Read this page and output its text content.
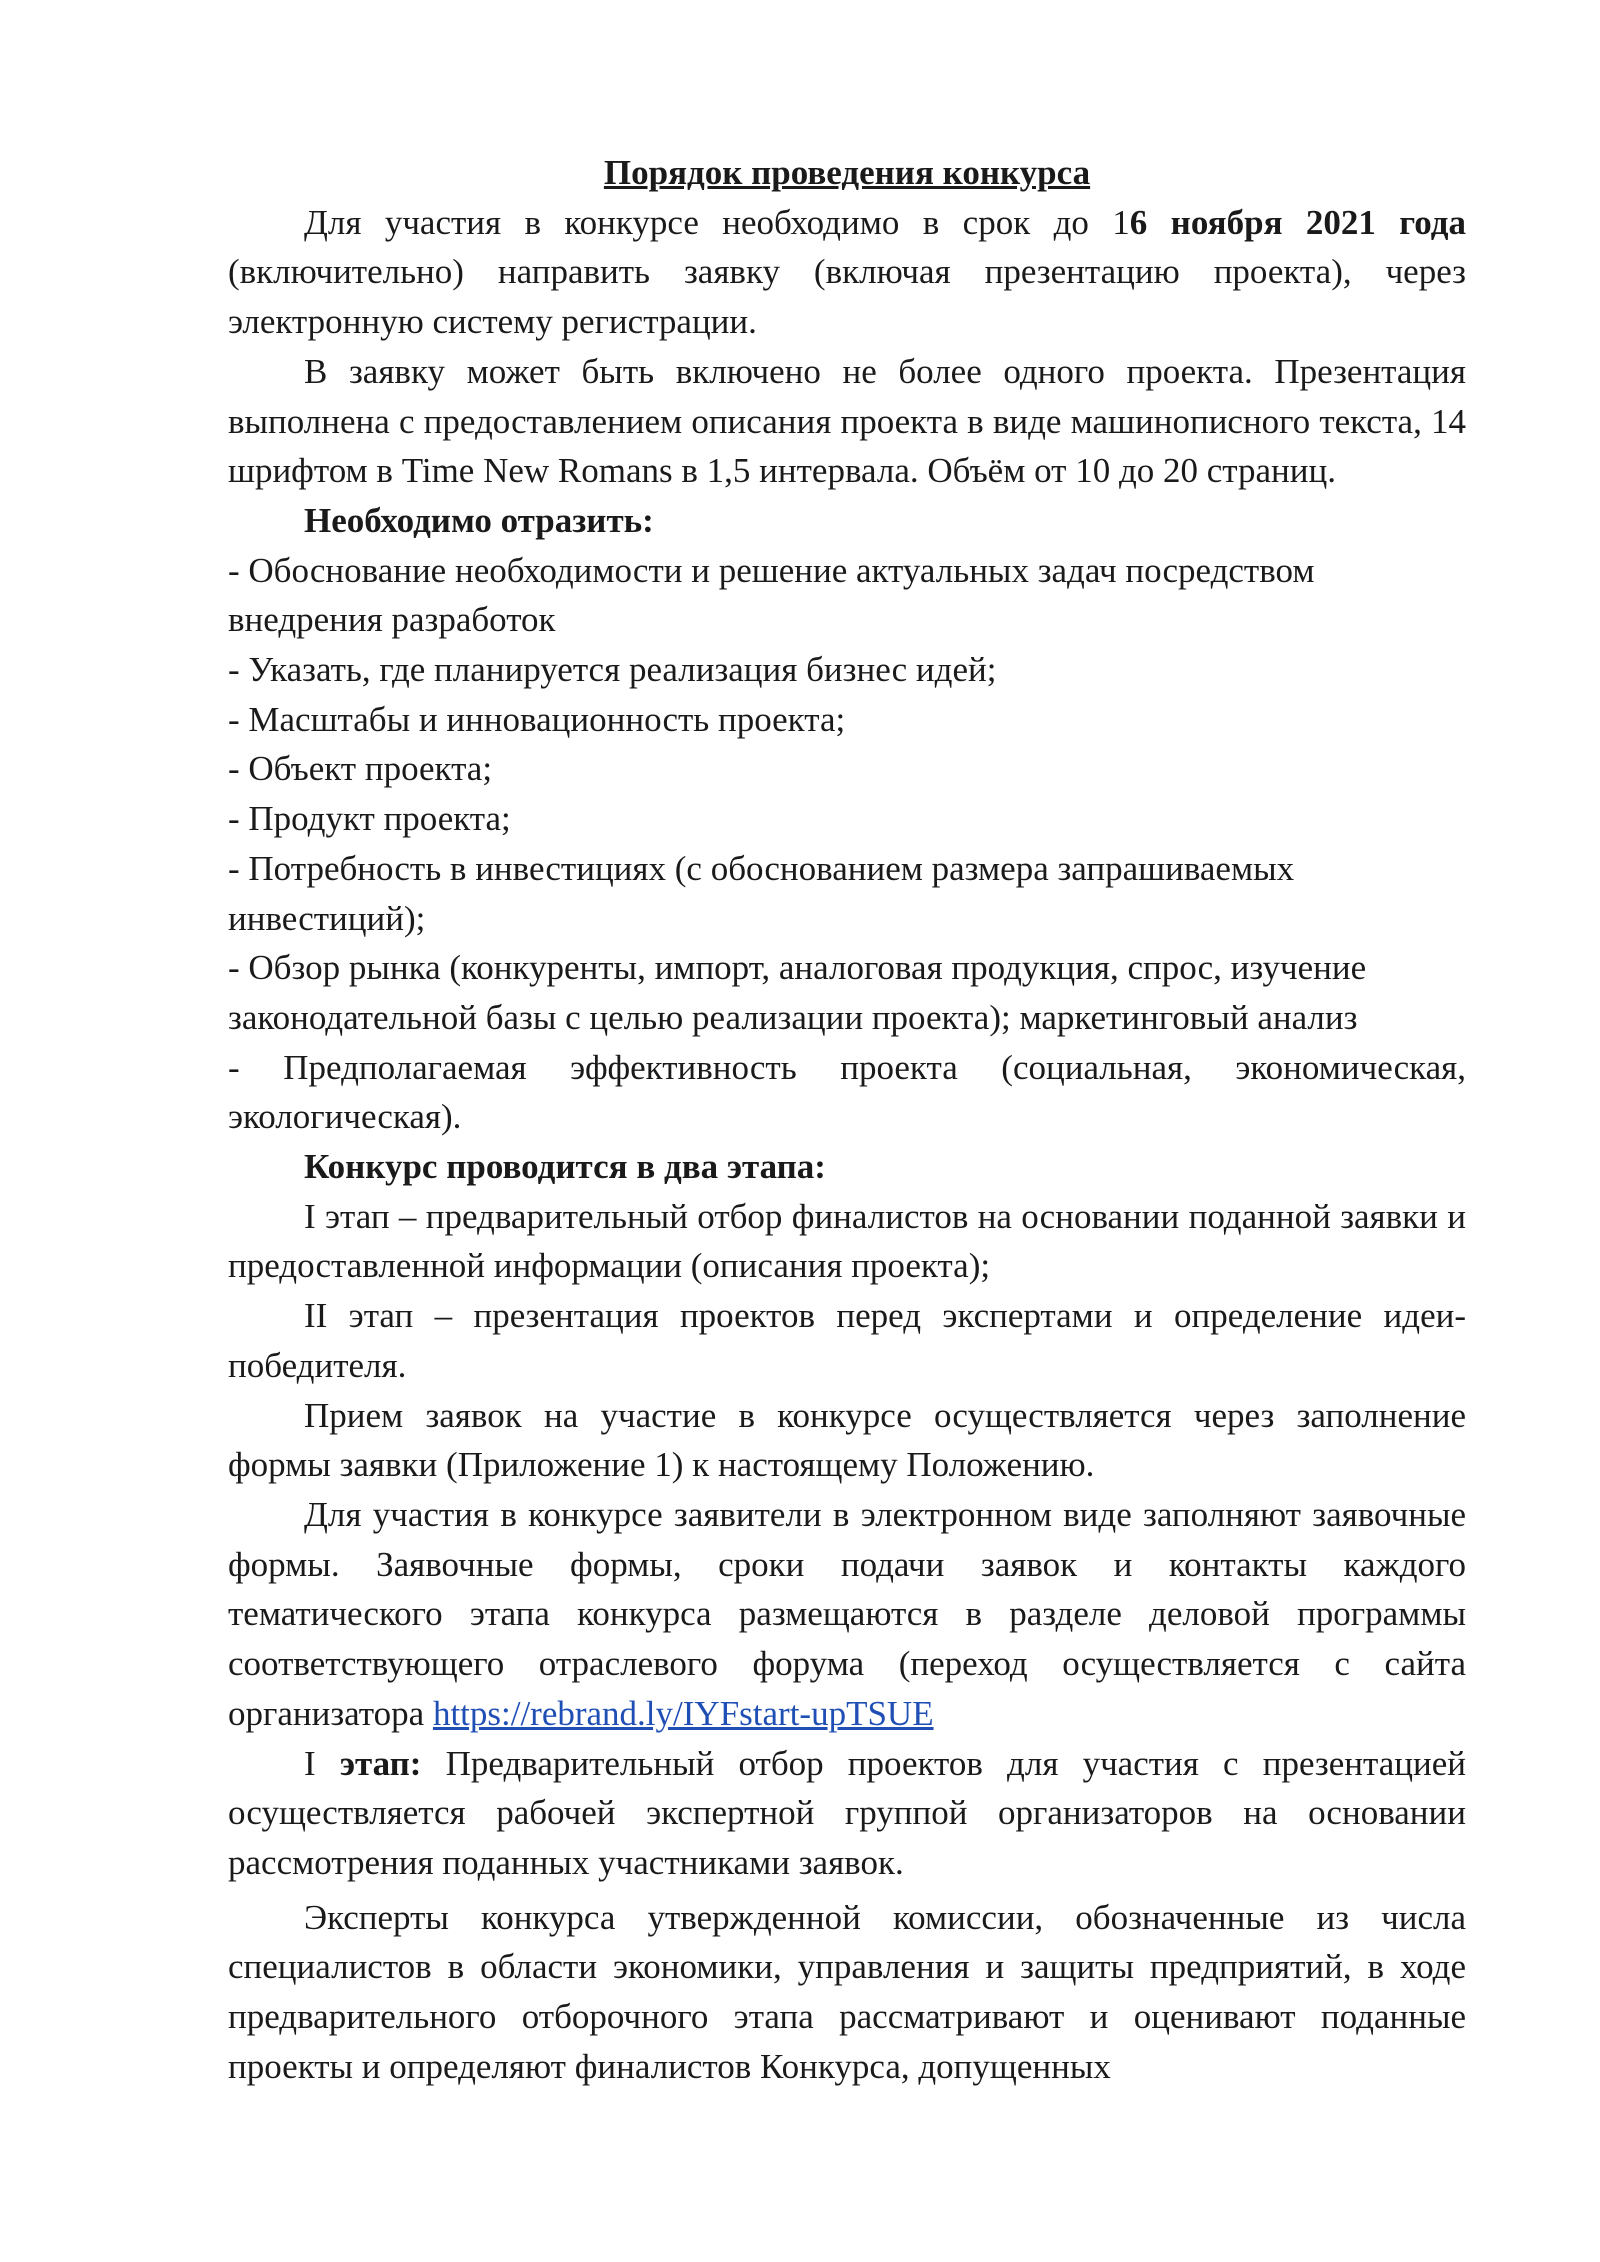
Порядок проведения конкурса

Для участия в конкурсе необходимо в срок до 16 ноября 2021 года (включительно) направить заявку (включая презентацию проекта), через электронную систему регистрации.

В заявку может быть включено не более одного проекта. Презентация выполнена с предоставлением описания проекта в виде машинописного текста, 14 шрифтом в Time New Romans в 1,5 интервала. Объём от 10 до 20 страниц.

Необходимо отразить:

- Обоснование необходимости и решение актуальных задач посредством внедрения разработок

- Указать, где планируется реализация бизнес идей;

- Масштабы и инновационность проекта;

- Объект проекта;

- Продукт проекта;

- Потребность в инвестициях (с обоснованием размера запрашиваемых инвестиций);

- Обзор рынка (конкуренты, импорт, аналоговая продукция, спрос, изучение законодательной базы с целью реализации проекта); маркетинговый анализ

- Предполагаемая эффективность проекта (социальная, экономическая, экологическая).

Конкурс проводится в два этапа:

I этап – предварительный отбор финалистов на основании поданной заявки и предоставленной информации (описания проекта);

II этап – презентация проектов перед экспертами и определение идеи-победителя.

Прием заявок на участие в конкурсе осуществляется через заполнение формы заявки (Приложение 1) к настоящему Положению.

Для участия в конкурсе заявители в электронном виде заполняют заявочные формы. Заявочные формы, сроки подачи заявок и контакты каждого тематического этапа конкурса размещаются в разделе деловой программы соответствующего отраслевого форума (переход осуществляется с сайта организатора https://rebrand.ly/IYFstart-upTSUE

I этап: Предварительный отбор проектов для участия с презентацией осуществляется рабочей экспертной группой организаторов на основании рассмотрения поданных участниками заявок.

Эксперты конкурса утвержденной комиссии, обозначенные из числа специалистов в области экономики, управления и защиты предприятий, в ходе предварительного отборочного этапа рассматривают и оценивают поданные проекты и определяют финалистов Конкурса, допущенных
